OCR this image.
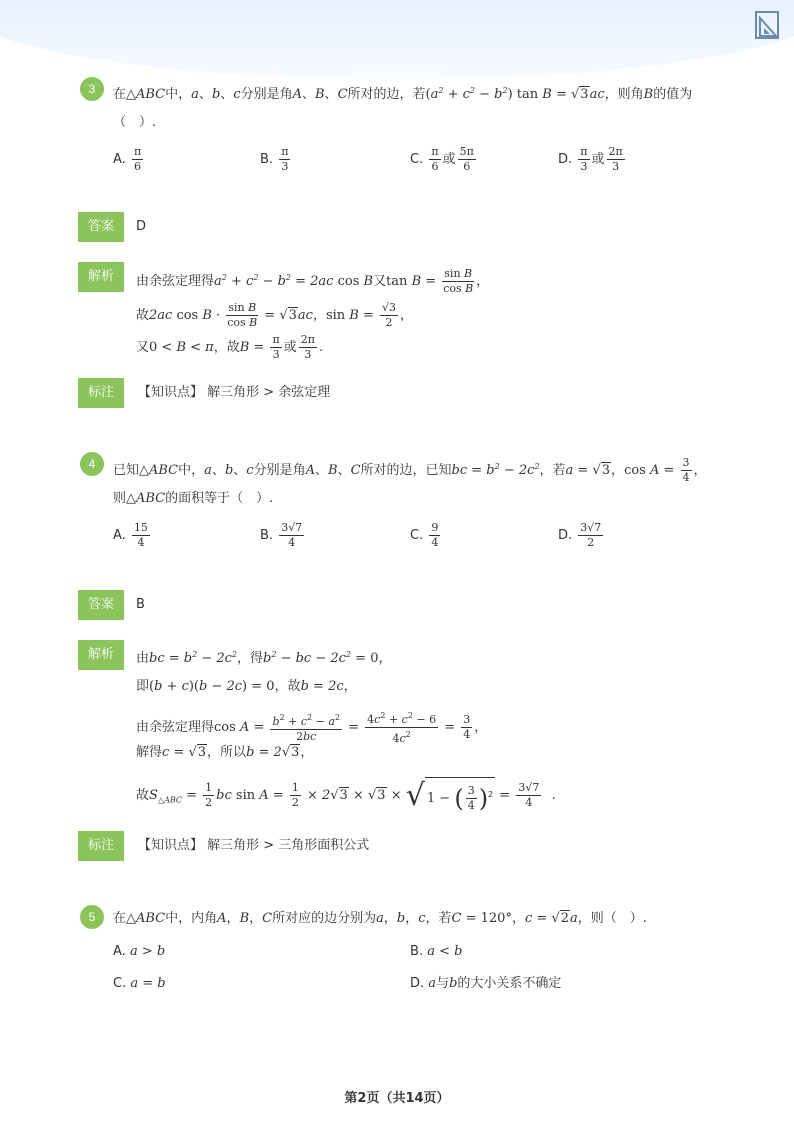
3	在△ABC中，a、b、c分别是角A、B、C所对的边，若$(a^2 + c^2 - b^2)$ tan B = √3ac，则角B的值为
（　）.
A. $\frac{\pi}{6}$	B. $\frac{\pi}{3}$	C. $\frac{\pi}{6}$ 或 $\frac{5\pi}{6}$	D. $\frac{\pi}{3}$ 或 $\frac{2\pi}{3}$
答案	D
解析	由余弦定理得$a^2 + c^2 - b^2 = 2ac$ cos B又$\tan B = \frac{\text{sin B}}{\text{cos B}}$ ，
故2ac $\cos B \cdot \frac{\text{sin B}}{\text{cos B}} = √3ac$，$\sin B = \frac{√3}{2}$ ，
又0 < B < π，故$B = \frac{\pi}{3}$ 或 $\frac{2\pi}{3}$ .
标注	【知识点】 解三角形 > 余弦定理
4	已知△ABC中，a、b、c分别是角A、B、C所对的边，已知bc = $b^2 - 2c^2$，若a = √3，$\cos A = \frac{3}{4}$ ，
则△ABC的面积等于（　）.
A. $\frac{15}{4}$	B. $\frac{3√7}{4}$	C. $\frac{9}{4}$	D. $\frac{3√7}{2}$
答案	B
解析	由bc = $b^2 - 2c^2$，得$b^2$ − bc − $2c^2 = 0$，
即(b + c)(b − 2c) = 0，故b = 2c，
由余弦定理得$\cos A = \frac{b^2 + c^2 - a^2}{2bc} = \frac{4c^2 + c^2 - 6}{4c^2} = \frac{3}{4}$ ，
解得c = √3，所以b = 2√3，
故$S_{\triangle ABC} = \frac{1}{2}$ bc $\sin A = \frac{1}{2} \times 2√3 \times √3$ × √ 1 − ( $\frac{3}{4} )^2 = \frac{3√7}{4}$ .
标注	【知识点】 解三角形 > 三角形面积公式
5	在△ABC中，内角A，B，C所对应的边分别为a，b，c，若C = 120°，c = √2a，则（　）.
A. a > b	B. a < b
C. a = b	D. a与b的大小关系不确定
第2页（共14页）
